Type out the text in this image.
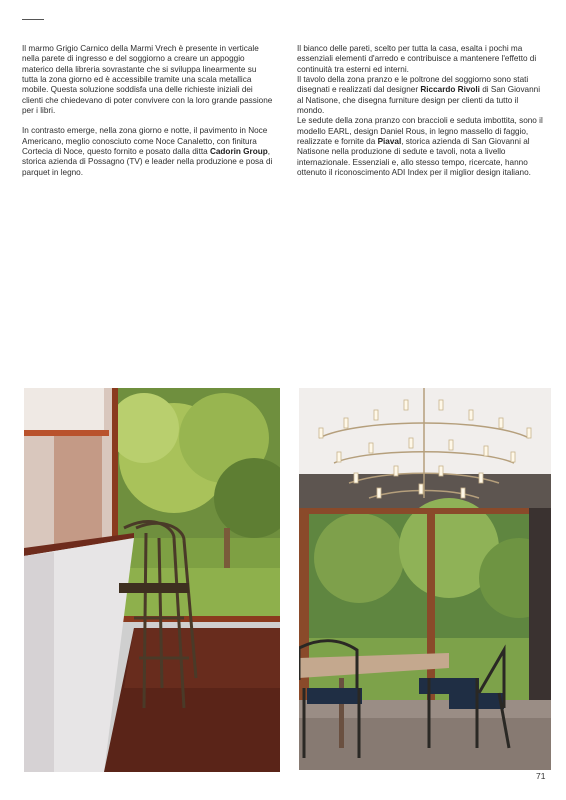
Il marmo Grigio Carnico della Marmi Vrech è presente in verticale nella parete di ingresso e del soggiorno a creare un appoggio materico della libreria sovrastante che si sviluppa linearmente su tutta la zona giorno ed è accessibile tramite una scala metallica mobile. Questa soluzione soddisfa una delle richieste iniziali dei clienti che chiedevano di poter convivere con la loro grande passione per i libri.

In contrasto emerge, nella zona giorno e notte, il pavimento in Noce Americano, meglio conosciuto come Noce Canaletto, con finitura Cortecia di Noce, questo fornito e posato dalla ditta Cadorin Group, storica azienda di Possagno (TV) e leader nella produzione e posa di parquet in legno.

Il bianco delle pareti, scelto per tutta la casa, esalta i pochi ma essenziali elementi d'arredo e contribuisce a mantenere l'effetto di continuità tra esterni ed interni.

Il tavolo della zona pranzo e le poltrone del soggiorno sono stati disegnati e realizzati dal designer Riccardo Rivoli di San Giovanni al Natisone, che disegna furniture design per clienti da tutto il mondo.

Le sedute della zona pranzo con braccioli e seduta imbottita, sono il modello EARL, design Daniel Rous, in legno massello di faggio, realizzate e fornite da Piaval, storica azienda di San Giovanni al Natisone nella produzione di sedute e tavoli, nota a livello internazionale. Essenziali e, allo stesso tempo, ricercate, hanno ottenuto il riconoscimento ADI Index per il miglior design italiano.

71
